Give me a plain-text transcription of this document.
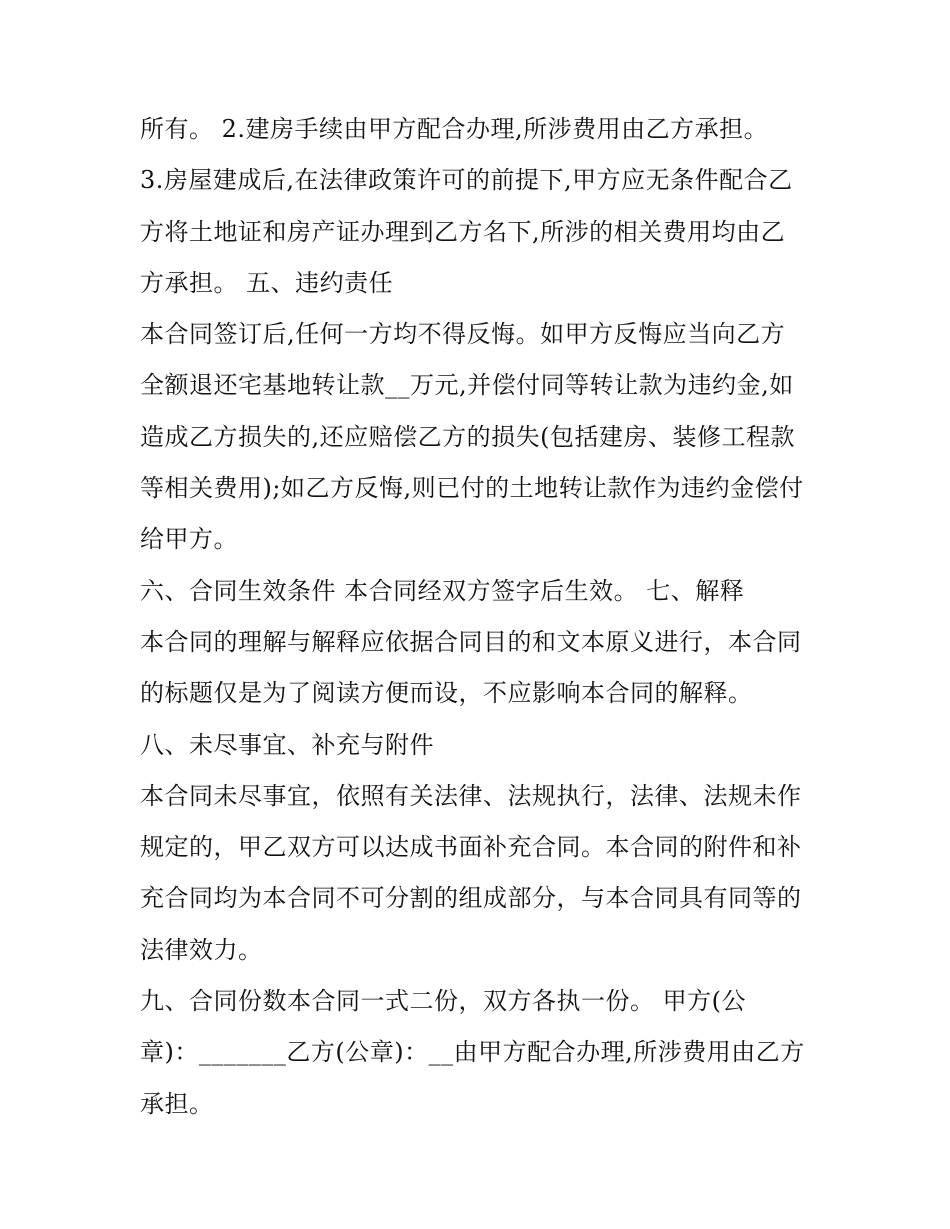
所有。 2.建房手续由甲方配合办理,所涉费用由乙方承担。
3.房屋建成后,在法律政策许可的前提下,甲方应无条件配合乙
方将土地证和房产证办理到乙方名下,所涉的相关费用均由乙
方承担。 五、违约责任
本合同签订后,任何一方均不得反悔。如甲方反悔应当向乙方
全额退还宅基地转让款__万元,并偿付同等转让款为违约金,如
造成乙方损失的,还应赔偿乙方的损失(包括建房、装修工程款
等相关费用);如乙方反悔,则已付的土地转让款作为违约金偿付
给甲方。
六、合同生效条件 本合同经双方签字后生效。 七、解释
本合同的理解与解释应依据合同目的和文本原义进行，本合同
的标题仅是为了阅读方便而设，不应影响本合同的解释。
八、未尽事宜、补充与附件
本合同未尽事宜，依照有关法律、法规执行，法律、法规未作
规定的，甲乙双方可以达成书面补充合同。本合同的附件和补
充合同均为本合同不可分割的组成部分，与本合同具有同等的
法律效力。
九、合同份数本合同一式二份，双方各执一份。 甲方(公
章)：_______乙方(公章)：__由甲方配合办理,所涉费用由乙方
承担。
